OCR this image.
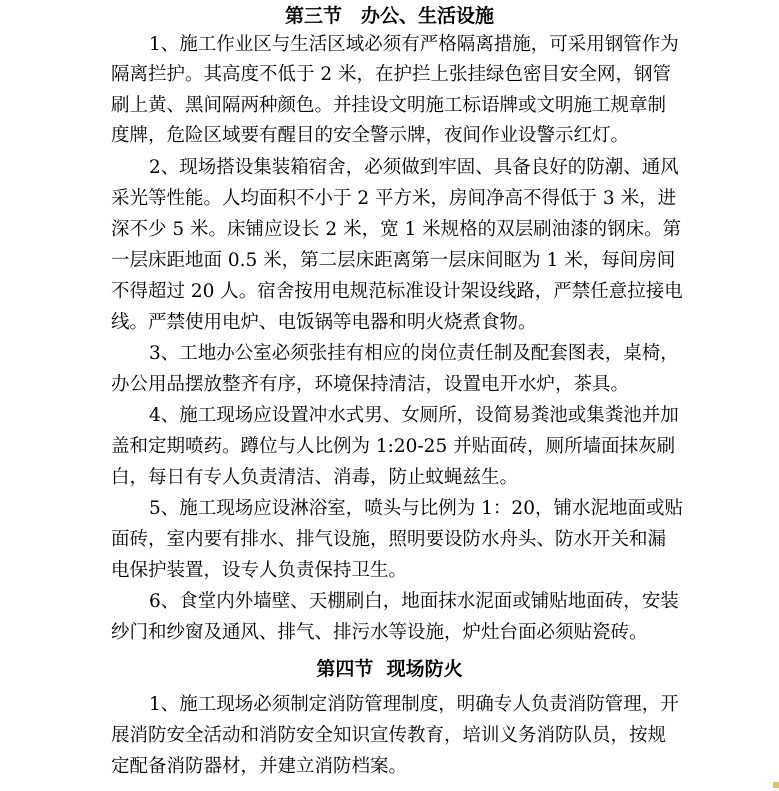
第三节　办公、生活设施
1、施工作业区与生活区域必须有严格隔离措施，可采用钢管作为
隔离拦护。其高度不低于 2 米，在护拦上张挂绿色密目安全网，钢管
刷上黄、黑间隔两种颜色。并挂设文明施工标语牌或文明施工规章制
度牌，危险区域要有醒目的安全警示牌，夜间作业设警示红灯。
2、现场搭设集装箱宿舍，必须做到牢固、具备良好的防潮、通风
采光等性能。人均面积不小于 2 平方米，房间净高不得低于 3 米，进
深不少 5 米。床铺应设长 2 米，宽 1 米规格的双层刷油漆的钢床。第
一层床距地面 0.5 米，第二层床距离第一层床间眍为 1 米，每间房间
不得超过 20 人。宿舍按用电规范标准设计架设线路，严禁任意拉接电
线。严禁使用电炉、电饭锅等电器和明火烧煮食物。
3、工地办公室必须张挂有相应的岗位责任制及配套图表，桌椅，
办公用品摆放整齐有序，环境保持清洁，设置电开水炉，茶具。
4、施工现场应设置冲水式男、女厕所，设简易粪池或集粪池并加
盖和定期喷药。蹲位与人比例为 1:20-25 并贴面砖，厕所墙面抹灰刷
白，每日有专人负责清洁、消毒，防止蚊蝇兹生。
5、施工现场应设淋浴室，喷头与比例为 1：20，铺水泥地面或贴
面砖，室内要有排水、排气设施，照明要设防水舟头、防水开关和漏
电保护装置，设专人负责保持卫生。
6、食堂内外墙壁、天棚刷白，地面抹水泥面或铺贴地面砖，安装
纱门和纱窗及通风、排气、排污水等设施，炉灶台面必须贴瓷砖。
第四节  现场防火
1、施工现场必须制定消防管理制度，明确专人负责消防管理，开
展消防安全活动和消防安全知识宣传教育，培训义务消防队员，按规
定配备消防器材，并建立消防档案。
